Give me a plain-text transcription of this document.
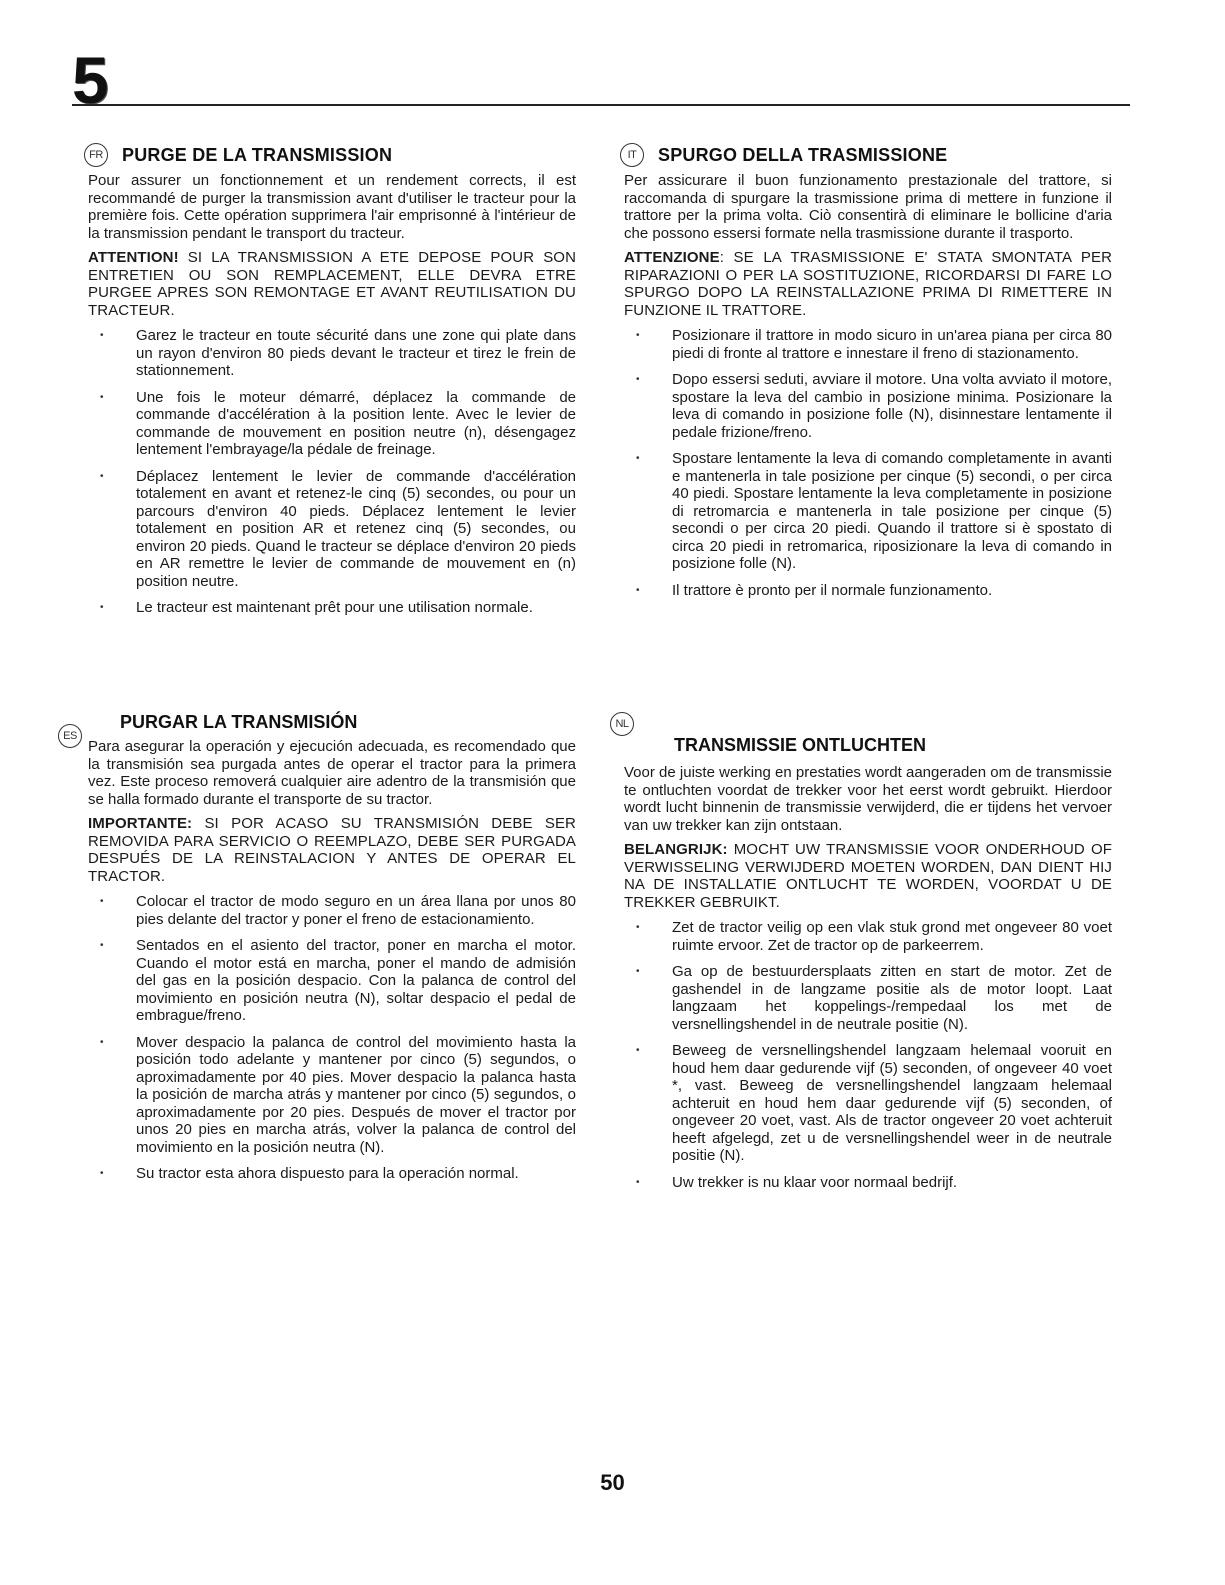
5
FR PURGE DE LA TRANSMISSION

Pour assurer un fonctionnement et un rendement corrects, il est recommandé de purger la transmission avant d'utiliser le tracteur pour la première fois. Cette opération supprimera l'air emprisonné à l'intérieur de la transmission pendant le transport du tracteur.

ATTENTION! SI LA TRANSMISSION A ETE DEPOSE POUR SON ENTRETIEN OU SON REMPLACEMENT, ELLE DEVRA ETRE PURGEE APRES SON REMONTAGE ET AVANT REUTILISATION DU TRACTEUR.

• Garez le tracteur en toute sécurité dans une zone qui plate dans un rayon d'environ 80 pieds devant le tracteur et tirez le frein de stationnement.
• Une fois le moteur démarré, déplacez la commande de commande d'accélération à la position lente. Avec le levier de commande de mouvement en position neutre (n), désengagez lentement l'embrayage/la pédale de freinage.
• Déplacez lentement le levier de commande d'accélération totalement en avant et retenez-le cinq (5) secondes, ou pour un parcours d'environ 40 pieds. Déplacez lentement le levier totalement en position AR et retenez cinq (5) secondes, ou environ 20 pieds. Quand le tracteur se déplace d'environ 20 pieds en AR remettre le levier de commande de mouvement en (n) position neutre.
• Le tracteur est maintenant prêt pour une utilisation normale.
IT	SPURGO DELLA TRASMISSIONE

Per assicurare il buon funzionamento prestazionale del trattore, si raccomanda di spurgare la trasmissione prima di mettere in funzione il trattore per la prima volta. Ciò consentirà di eliminare le bollicine d'aria che possono essersi formate nella trasmissione durante il trasporto.

ATTENZIONE: SE LA TRASMISSIONE E' STATA SMONTATA PER RIPARAZIONI O PER LA SOSTITUZIONE, RICORDARSI DI FARE LO SPURGO DOPO LA REINSTALLAZIONE PRIMA DI RIMETTERE IN FUNZIONE IL TRATTORE.

• Posizionare il trattore in modo sicuro in un'area piana per circa 80 piedi di fronte al trattore e innestare il freno di stazionamento.
• Dopo essersi seduti, avviare il motore. Una volta avviato il motore, spostare la leva del cambio in posizione minima. Posizionare la leva di comando in posizione folle (N), disinnestare lentamente il pedale frizione/freno.
• Spostare lentamente la leva di comando completamente in avanti e mantenerla in tale posizione per cinque (5) secondi, o per circa 40 piedi. Spostare lentamente la leva completamente in posizione di retromarcia e mantenerla in tale posizione per cinque (5) secondi o per circa 20 piedi. Quando il trattore si è spostato di circa 20 piedi in retromarica, riposizionare la leva di comando in posizione folle (N).
• Il trattore è pronto per il normale funzionamento.
PURGAR LA TRANSMISIÓN
ES

Para asegurar la operación y ejecución adecuada, es recomendado que la transmisión sea purgada antes de operar el tractor para la primera vez. Este proceso removerá cualquier aire adentro de la transmisión que se halla formado durante el transporte de su tractor.

IMPORTANTE: SI POR ACASO SU TRANSMISIÓN DEBE SER REMOVIDA PARA SERVICIO O REEMPLAZO, DEBE SER PURGADA DESPUÉS DE LA REINSTALACION Y ANTES DE OPERAR EL TRACTOR.

• Colocar el tractor de modo seguro en un área llana por unos 80 pies delante del tractor y poner el freno de estacionamiento.
• Sentados en el asiento del tractor, poner en marcha el motor. Cuando el motor está en marcha, poner el mando de admisión del gas en la posición despacio. Con la palanca de control del movimiento en posición neutra (N), soltar despacio el pedal de embrague/freno.
• Mover despacio la palanca de control del movimiento hasta la posición todo adelante y mantener por cinco (5) segundos, o aproximadamente por 40 pies. Mover despacio la palanca hasta la posición de marcha atrás y mantener por cinco (5) segundos, o aproximadamente por 20 pies. Después de mover el tractor por unos 20 pies en marcha atrás, volver la palanca de control del movimiento en la posición neutra (N).
• Su tractor esta ahora dispuesto para la operación normal.
NL
TRANSMISSIE ONTLUCHTEN

Voor de juiste werking en prestaties wordt aangeraden om de transmissie te ontluchten voordat de trekker voor het eerst wordt gebruikt. Hierdoor wordt lucht binnenin de transmissie verwijderd, die er tijdens het vervoer van uw trekker kan zijn ontstaan.

BELANGRIJK: MOCHT UW TRANSMISSIE VOOR ONDERHOUD OF VERWISSELING VERWIJDERD MOETEN WORDEN, DAN DIENT HIJ NA DE INSTALLATIE ONTLUCHT TE WORDEN, VOORDAT U DE TREKKER GEBRUIKT.

• Zet de tractor veilig op een vlak stuk grond met ongeveer 80 voet ruimte ervoor. Zet de tractor op de parkeerrem.
• Ga op de bestuurdersplaats zitten en start de motor. Zet de gashendel in de langzame positie als de motor loopt. Laat langzaam het koppelings-/rempedaal los met de versnellingshendel in de neutrale positie (N).
• Beweeg de versnellingshendel langzaam helemaal vooruit en houd hem daar gedurende vijf (5) seconden, of ongeveer 40 voet *, vast. Beweeg de versnellingshendel langzaam helemaal achteruit en houd hem daar gedurende vijf (5) seconden, of ongeveer 20 voet, vast. Als de tractor ongeveer 20 voet achteruit heeft afgelegd, zet u de versnellingshendel weer in de neutrale positie (N).
• Uw trekker is nu klaar voor normaal bedrijf.
50
